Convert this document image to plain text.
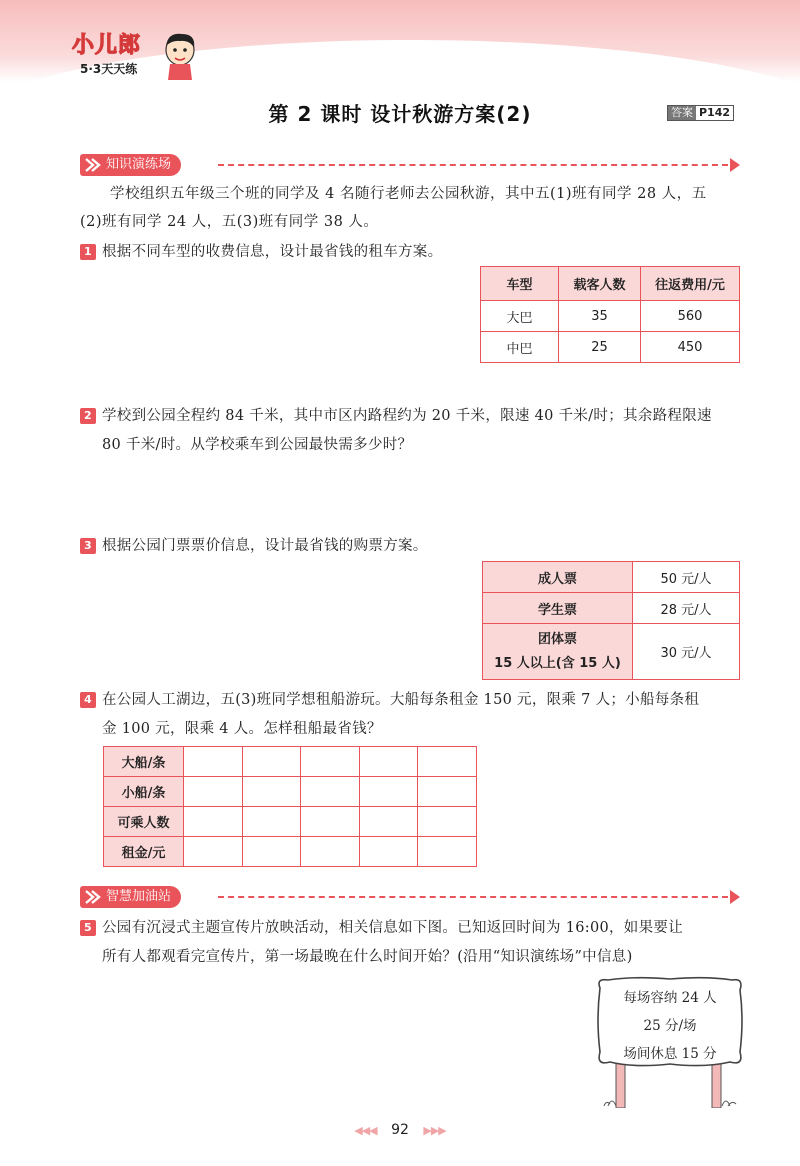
小儿郎
5·3天天练
第 2 课时 设计秋游方案(2)	答案 P142
知识演练场
学校组织五年级三个班的同学及 4 名随行老师去公园秋游，其中五(1)班有同学 28 人，五
(2)班有同学 24 人，五(3)班有同学 38 人。
1 根据不同车型的收费信息，设计最省钱的租车方案。
车型	载客人数	往返费用/元
大巴	35	560
中巴	25	450
2 学校到公园全程约 84 千米，其中市区内路程约为 20 千米，限速 40 千米/时；其余路程限速
80 千米/时。从学校乘车到公园最快需多少时？
3 根据公园门票票价信息，设计最省钱的购票方案。
成人票	50 元/人
学生票	28 元/人

团体票
15 人以上(含 15 人)	30 元/人
4 在公园人工湖边，五(3)班同学想租船游玩。大船每条租金 150 元，限乘 7 人；小船每条租
金 100 元，限乘 4 人。怎样租船最省钱？
大船/条					
小船/条					
可乘人数					
租金/元					
智慧加油站
5 公园有沉浸式主题宣传片放映活动，相关信息如下图。已知返回时间为 16:00，如果要让
所有人都观看完宣传片，第一场最晚在什么时间开始？(沿用“知识演练场”中信息)
每场容纳 24 人
25 分/场
场间休息 15 分
◀◀◀ 92 ▶▶▶
